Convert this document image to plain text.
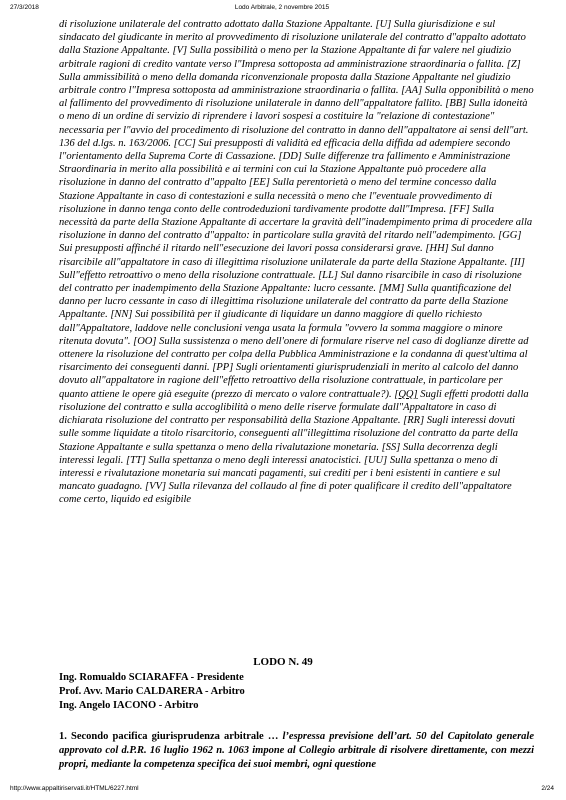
27/3/2018	Lodo Arbitrale, 2 novembre 2015
di risoluzione unilaterale del contratto adottato dalla Stazione Appaltante. [U] Sulla giurisdizione e sul sindacato del giudicante in merito al provvedimento di risoluzione unilaterale del contratto d"appalto adottato dalla Stazione Appaltante. [V] Sulla possibilità o meno per la Stazione Appaltante di far valere nel giudizio arbitrale ragioni di credito vantate verso l"Impresa sottoposta ad amministrazione straordinaria o fallita. [Z] Sulla ammissibilità o meno della domanda riconvenzionale proposta dalla Stazione Appaltante nel giudizio arbitrale contro l"Impresa sottoposta ad amministrazione straordinaria o fallita. [AA] Sulla opponibilità o meno al fallimento del provvedimento di risoluzione unilaterale in danno dell"appaltatore fallito. [BB] Sulla idoneità o meno di un ordine di servizio di riprendere i lavori sospesi a costituire la "relazione di contestazione" necessaria per l"avvio del procedimento di risoluzione del contratto in danno dell"appaltatore ai sensi dell"art. 136 del d.lgs. n. 163/2006. [CC] Sui presupposti di validità ed efficacia della diffida ad adempiere secondo l"orientamento della Suprema Corte di Cassazione. [DD] Sulle differenze tra fallimento e Amministrazione Straordinaria in merito alla possibilità e ai termini con cui la Stazione Appaltante può procedere alla risoluzione in danno del contratto d"appalto [EE] Sulla perentorietà o meno del termine concesso dalla Stazione Appaltante in caso di contestazioni e sulla necessità o meno che l"eventuale provvedimento di risoluzione in danno tenga conto delle controdeduzioni tardivamente prodotte dall"Impresa. [FF] Sulla necessità da parte della Stazione Appaltante di accertare la gravità dell"inadempimento prima di procedere alla risoluzione in danno del contratto d"appalto: in particolare sulla gravità del ritardo nell"adempimento. [GG] Sui presupposti affinché il ritardo nell"esecuzione dei lavori possa considerarsi grave. [HH] Sul danno risarcibile all"appaltatore in caso di illegittima risoluzione unilaterale da parte della Stazione Appaltante. [II] Sull"effetto retroattivo o meno della risoluzione contrattuale. [LL] Sul danno risarcibile in caso di risoluzione del contratto per inadempimento della Stazione Appaltante: lucro cessante. [MM] Sulla quantificazione del danno per lucro cessante in caso di illegittima risoluzione unilaterale del contratto da parte della Stazione Appaltante. [NN] Sui possibilità per il giudicante di liquidare un danno maggiore di quello richiesto dall"Appaltatore, laddove nelle conclusioni venga usata la formula "ovvero la somma maggiore o minore ritenuta dovuta". [OO] Sulla sussistenza o meno dell'onere di formulare riserve nel caso di doglianze dirette ad ottenere la risoluzione del contratto per colpa della Pubblica Amministrazione e la condanna di quest'ultima al risarcimento dei conseguenti danni. [PP] Sugli orientamenti giurisprudenziali in merito al calcolo del danno dovuto all"appaltatore in ragione dell"effetto retroattivo della risoluzione contrattuale, in particolare per quanto attiene le opere già eseguite (prezzo di mercato o valore contrattuale?). [QQ] Sugli effetti prodotti dalla risoluzione del contratto e sulla accoglibilità o meno delle riserve formulate dall"Appaltatore in caso di dichiarata risoluzione del contratto per responsabilità della Stazione Appaltante. [RR] Sugli interessi dovuti sulle somme liquidate a titolo risarcitorio, conseguenti all"illegittima risoluzione del contratto da parte della Stazione Appaltante e sulla spettanza o meno della rivalutazione monetaria. [SS] Sulla decorrenza degli interessi legali. [TT] Sulla spettanza o meno degli interessi anatocistici. [UU] Sulla spettanza o meno di interessi e rivalutazione monetaria sui mancati pagamenti, sui crediti per i beni esistenti in cantiere e sul mancato guadagno. [VV] Sulla rilevanza del collaudo al fine di poter qualificare il credito dell"appaltatore come certo, liquido ed esigibile
LODO N. 49
Ing. Romualdo SCIARAFFA - Presidente
Prof. Avv. Mario CALDARERA - Arbitro
Ing. Angelo IACONO - Arbitro
1. Secondo pacifica giurisprudenza arbitrale … l’espressa previsione dell’art. 50 del Capitolato generale approvato col d.P.R. 16 luglio 1962 n. 1063 impone al Collegio arbitrale di risolvere direttamente, con mezzi propri, mediante la competenza specifica dei suoi membri, ogni questione
http://www.appaltiriservati.it/HTML/6227.html	2/24
